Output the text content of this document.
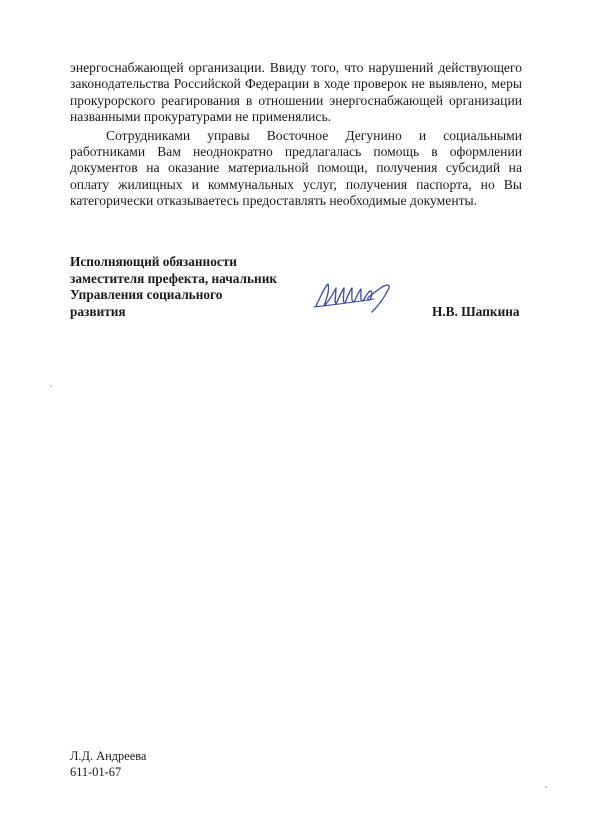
энергоснабжающей организации. Ввиду того, что нарушений действующего законодательства Российской Федерации в ходе проверок не выявлено, меры прокурорского реагирования в отношении энергоснабжающей организации названными прокуратурами не применялись.

Сотрудниками управы Восточное Дегунино и социальными работниками Вам неоднократно предлагалась помощь в оформлении документов на оказание материальной помощи, получения субсидий на оплату жилищных и коммунальных услуг, получения паспорта, но Вы категорически отказываетесь предоставлять необходимые документы.

Исполняющий обязанности
заместителя префекта, начальник
Управления социального
развития	Н.В. Шапкина
Л.Д. Андреева
611-01-67
